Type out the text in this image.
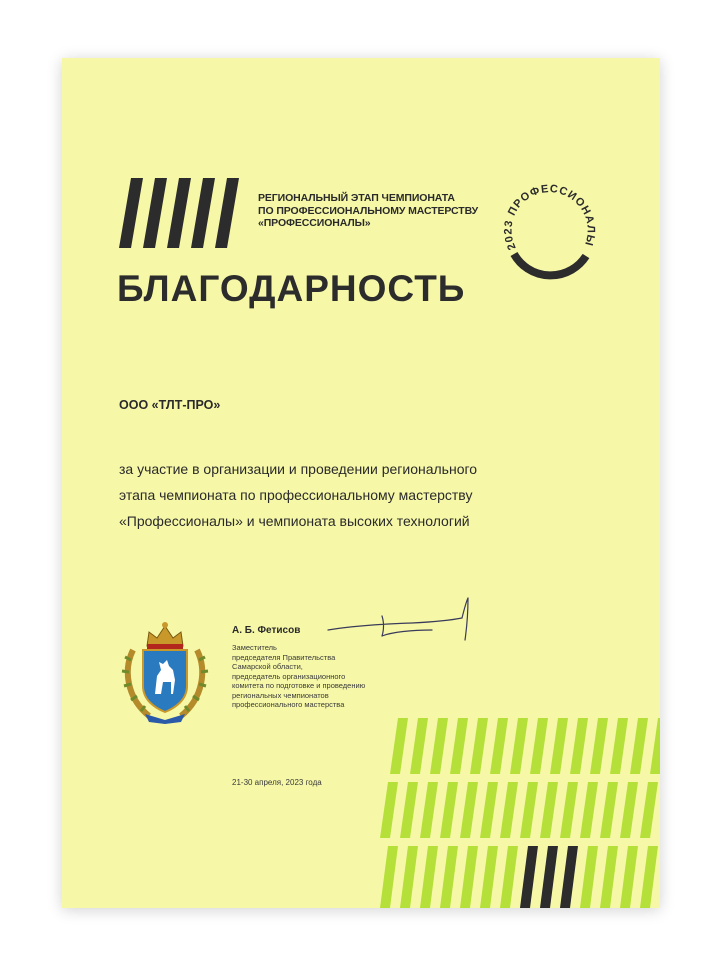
РЕГИОНАЛЬНЫЙ ЭТАП ЧЕМПИОНАТА
ПО ПРОФЕССИОНАЛЬНОМУ МАСТЕРСТВУ
«ПРОФЕССИОНАЛЫ»
2023 ПРОФЕССИОНАЛЫ
БЛАГОДАРНОСТЬ
ООО «ТЛТ-ПРО»
за участие в организации и проведении регионального
этапа чемпионата по профессиональному мастерству
«Профессионалы» и чемпионата высоких технологий
А. Б. Фетисов
Заместитель
председателя Правительства
Самарской области,
председатель организационного
комитета по подготовке и проведению
региональных чемпионатов
профессионального мастерства
21-30 апреля, 2023 года
